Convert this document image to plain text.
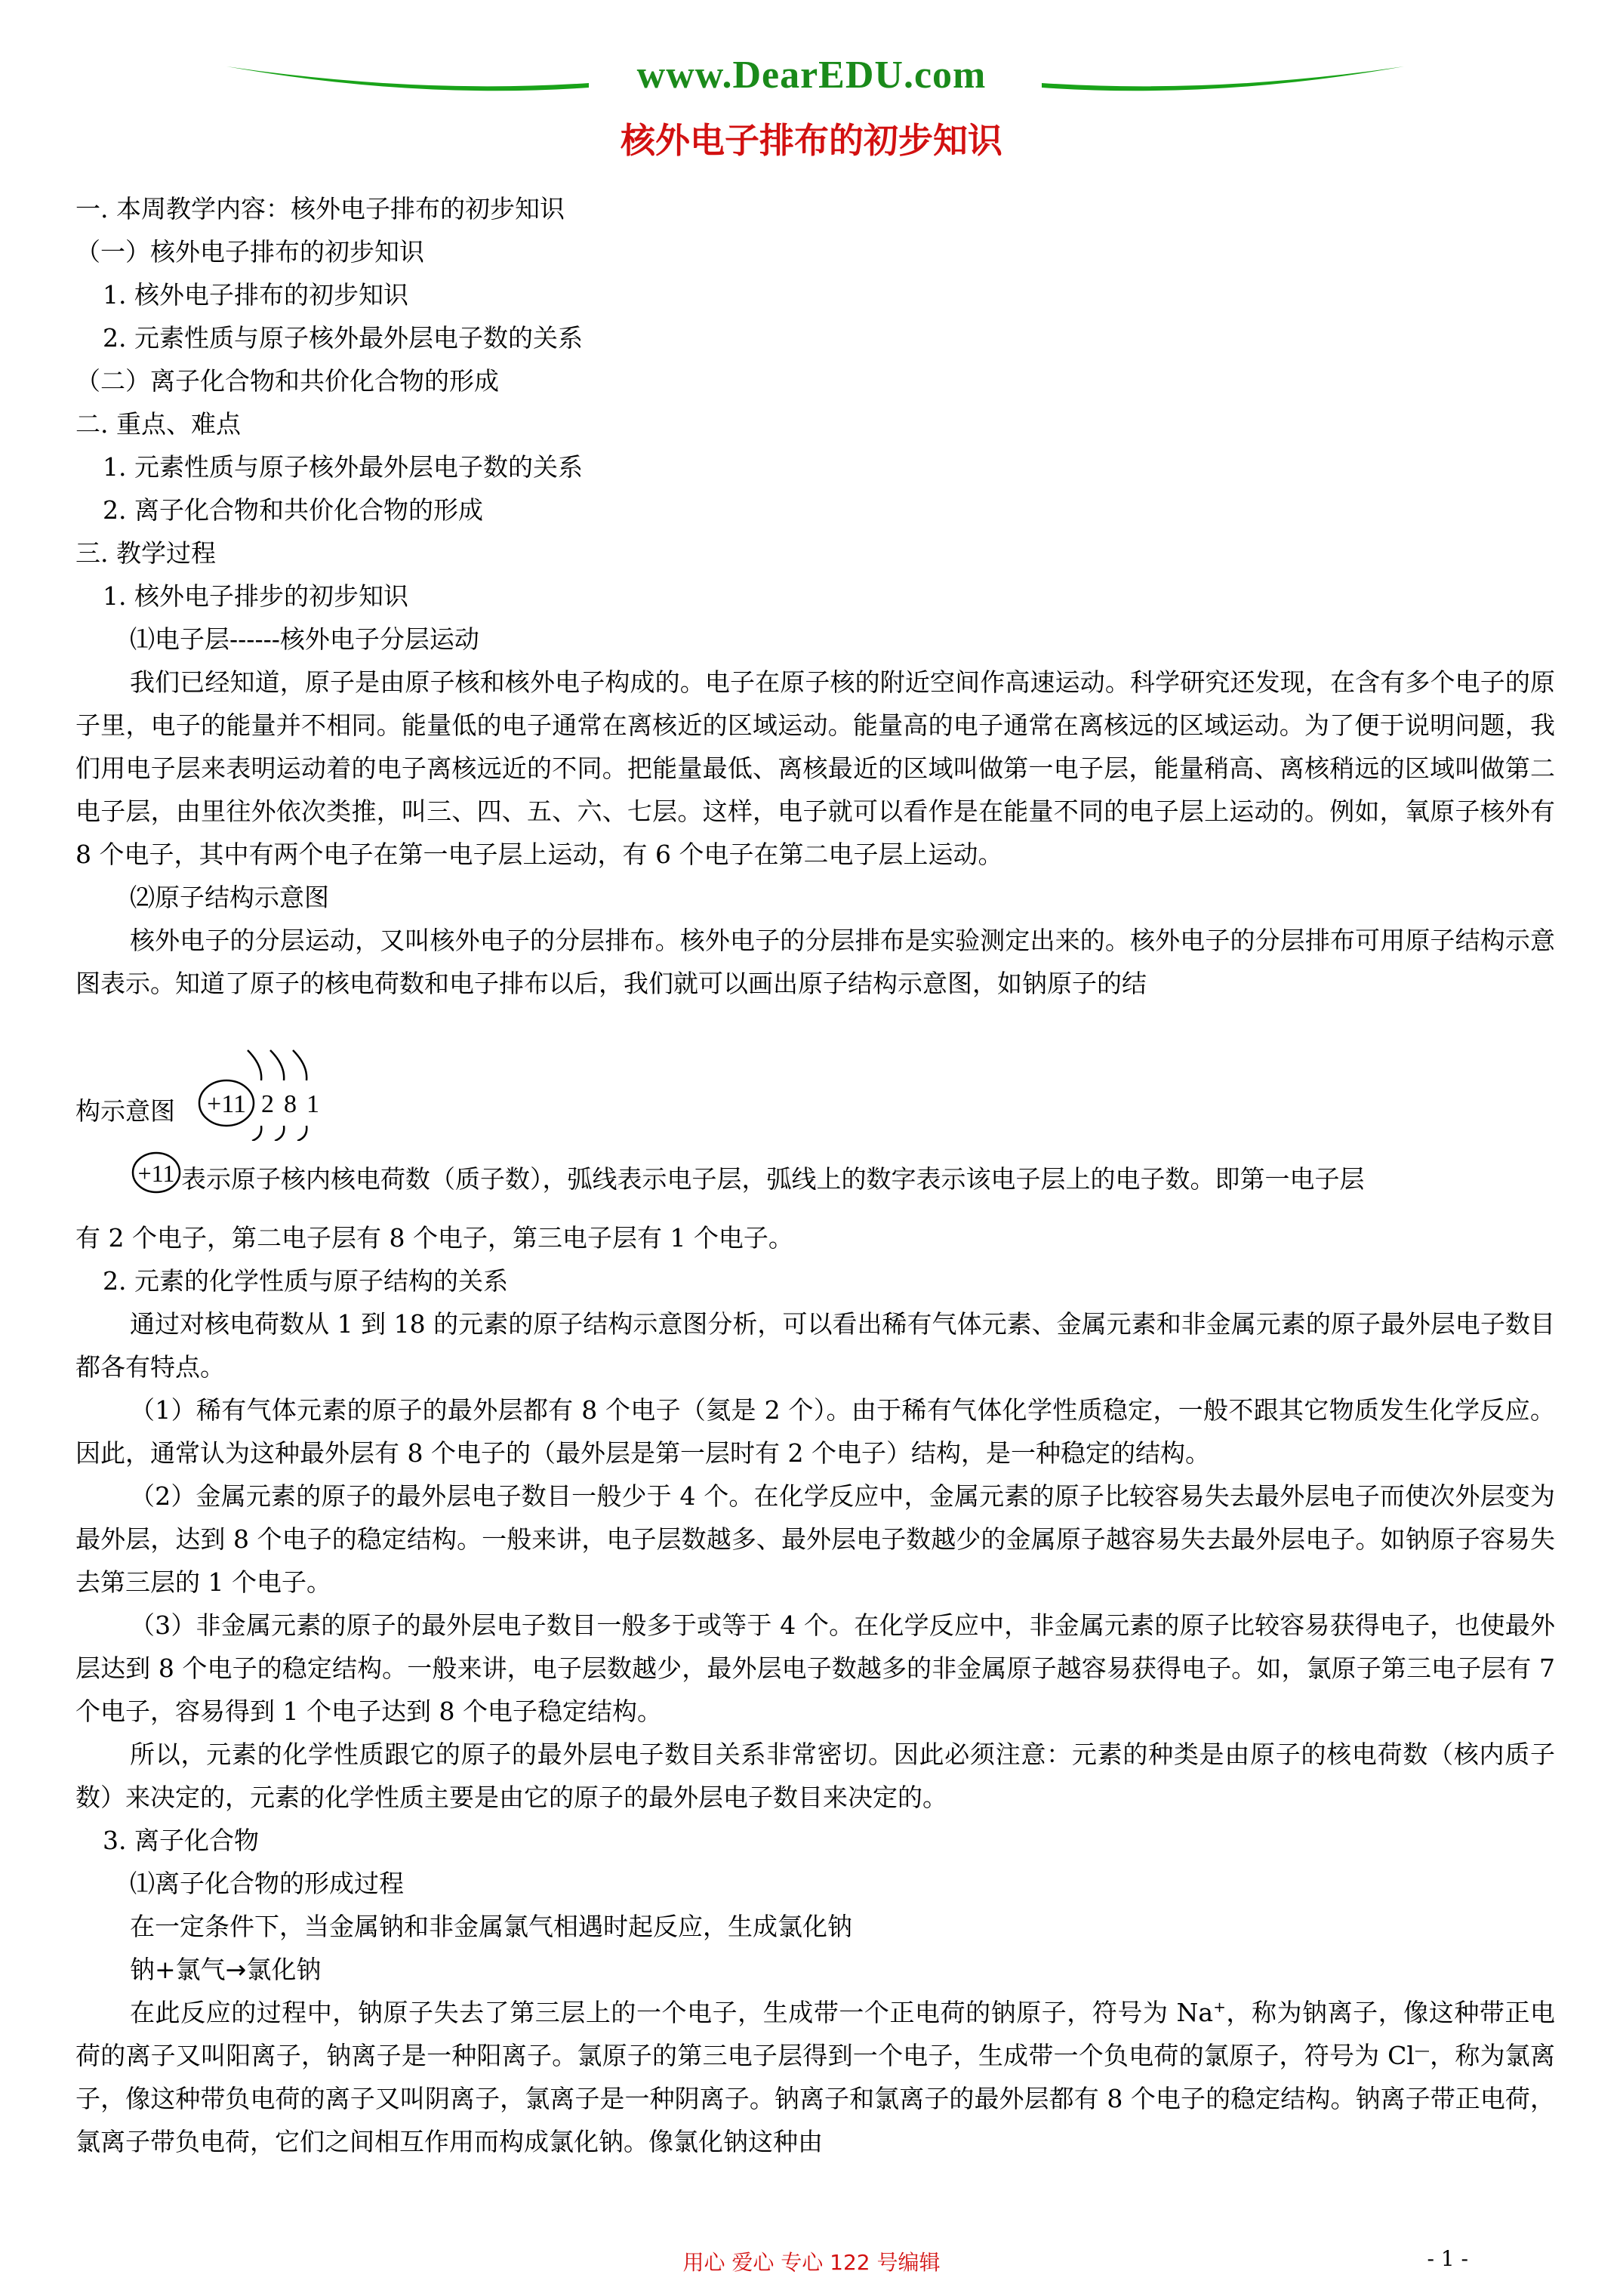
www.DearEDU.com
核外电子排布的初步知识
一. 本周教学内容：核外电子排布的初步知识
（一）核外电子排布的初步知识
1. 核外电子排布的初步知识
2. 元素性质与原子核外最外层电子数的关系
（二）离子化合物和共价化合物的形成
二. 重点、难点
1. 元素性质与原子核外最外层电子数的关系
2. 离子化合物和共价化合物的形成
三. 教学过程
1. 核外电子排步的初步知识
⑴电子层------核外电子分层运动

我们已经知道，原子是由原子核和核外电子构成的。电子在原子核的附近空间作高速运动。科学研究还发现，在含有多个电子的原子里，电子的能量并不相同。能量低的电子通常在离核近的区域运动。能量高的电子通常在离核远的区域运动。为了便于说明问题，我们用电子层来表明运动着的电子离核远近的不同。把能量最低、离核最近的区域叫做第一电子层，能量稍高、离核稍远的区域叫做第二电子层，由里往外依次类推，叫三、四、五、六、七层。这样，电子就可以看作是在能量不同的电子层上运动的。例如，氧原子核外有 8 个电子，其中有两个电子在第一电子层上运动，有 6 个电子在第二电子层上运动。

⑵原子结构示意图

核外电子的分层运动，又叫核外电子的分层排布。核外电子的分层排布是实验测定出来的。核外电子的分层排布可用原子结构示意图表示。知道了原子的核电荷数和电子排布以后，我们就可以画出原子结构示意图，如钠原子的结

构示意图 +11 2 8 1
+11 表示原子核内核电荷数（质子数），弧线表示电子层，弧线上的数字表示该电子层上的电子数。即第一电子层
有 2 个电子，第二电子层有 8 个电子，第三电子层有 1 个电子。
2. 元素的化学性质与原子结构的关系

通过对核电荷数从 1 到 18 的元素的原子结构示意图分析，可以看出稀有气体元素、金属元素和非金属元素的原子最外层电子数目都各有特点。

（1）稀有气体元素的原子的最外层都有 8 个电子（氦是 2 个）。由于稀有气体化学性质稳定，一般不跟其它物质发生化学反应。因此，通常认为这种最外层有 8 个电子的（最外层是第一层时有 2 个电子）结构，是一种稳定的结构。

（2）金属元素的原子的最外层电子数目一般少于 4 个。在化学反应中，金属元素的原子比较容易失去最外层电子而使次外层变为最外层，达到 8 个电子的稳定结构。一般来讲，电子层数越多、最外层电子数越少的金属原子越容易失去最外层电子。如钠原子容易失去第三层的 1 个电子。

（3）非金属元素的原子的最外层电子数目一般多于或等于 4 个。在化学反应中，非金属元素的原子比较容易获得电子，也使最外层达到 8 个电子的稳定结构。一般来讲，电子层数越少，最外层电子数越多的非金属原子越容易获得电子。如，氯原子第三电子层有 7 个电子，容易得到 1 个电子达到 8 个电子稳定结构。

所以，元素的化学性质跟它的原子的最外层电子数目关系非常密切。因此必须注意：元素的种类是由原子的核电荷数（核内质子数）来决定的，元素的化学性质主要是由它的原子的最外层电子数目来决定的。

3. 离子化合物
⑴离子化合物的形成过程
在一定条件下，当金属钠和非金属氯气相遇时起反应，生成氯化钠
钠+氯气→氯化钠

在此反应的过程中，钠原子失去了第三层上的一个电子，生成带一个正电荷的钠原子，符号为 Na+，称为钠离子，像这种带正电荷的离子又叫阳离子，钠离子是一种阳离子。氯原子的第三电子层得到一个电子，生成带一个负电荷的氯原子，符号为 Cl—，称为氯离子，像这种带负电荷的离子又叫阴离子，氯离子是一种阴离子。钠离子和氯离子的最外层都有 8 个电子的稳定结构。钠离子带正电荷，氯离子带负电荷，它们之间相互作用而构成氯化钠。像氯化钠这种由

用心 爱心 专心 122 号编辑	- 1 -
